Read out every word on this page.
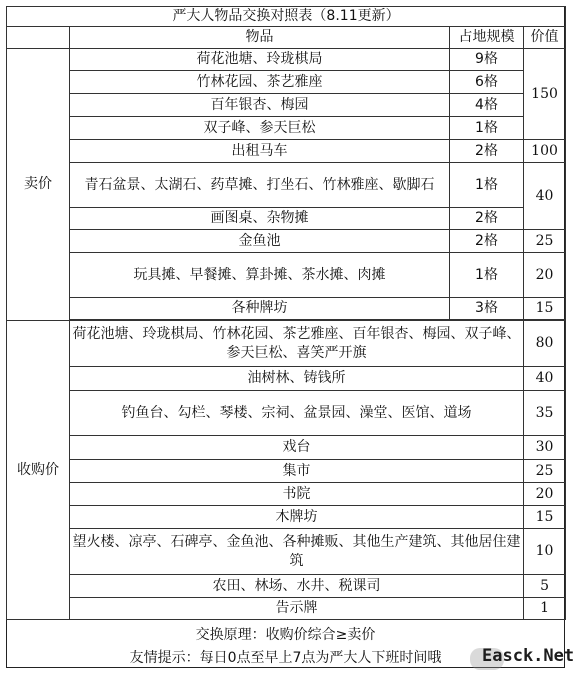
严大人物品交换对照表（8.11更新）			
	物品	占地规模	价值
卖价	荷花池塘、玲珑棋局	9格	150
	竹林花园、茶艺雅座	6格	
	百年银杏、梅园	4格	
	双子峰、参天巨松	1格	
	出租马车	2格	100
	青石盆景、太湖石、药草摊、打坐石、竹林雅座、歇脚石	1格	40
	画图桌、杂物摊	2格	
	金鱼池	2格	25
	玩具摊、早餐摊、算卦摊、茶水摊、肉摊	1格	20
	各种牌坊	3格	15

收购价	荷花池塘、玲珑棋局、竹林花园、茶艺雅座、百年银杏、梅园、双子峰、参天巨松、喜笑严开旗		80
	油树林、铸钱所		40
	钓鱼台、勾栏、琴楼、宗祠、盆景园、澡堂、医馆、道场		35
	戏台		30
	集市		25
	书院		20
	木牌坊		15
	望火楼、凉亭、石碑亭、金鱼池、各种摊贩、其他生产建筑、其他居住建筑		10
	农田、林场、水井、税课司		5
	告示牌		1
交换原理：收购价综合≥卖价
友情提示：每日0点至早上7点为严大人下班时间哦	Easck.Net
